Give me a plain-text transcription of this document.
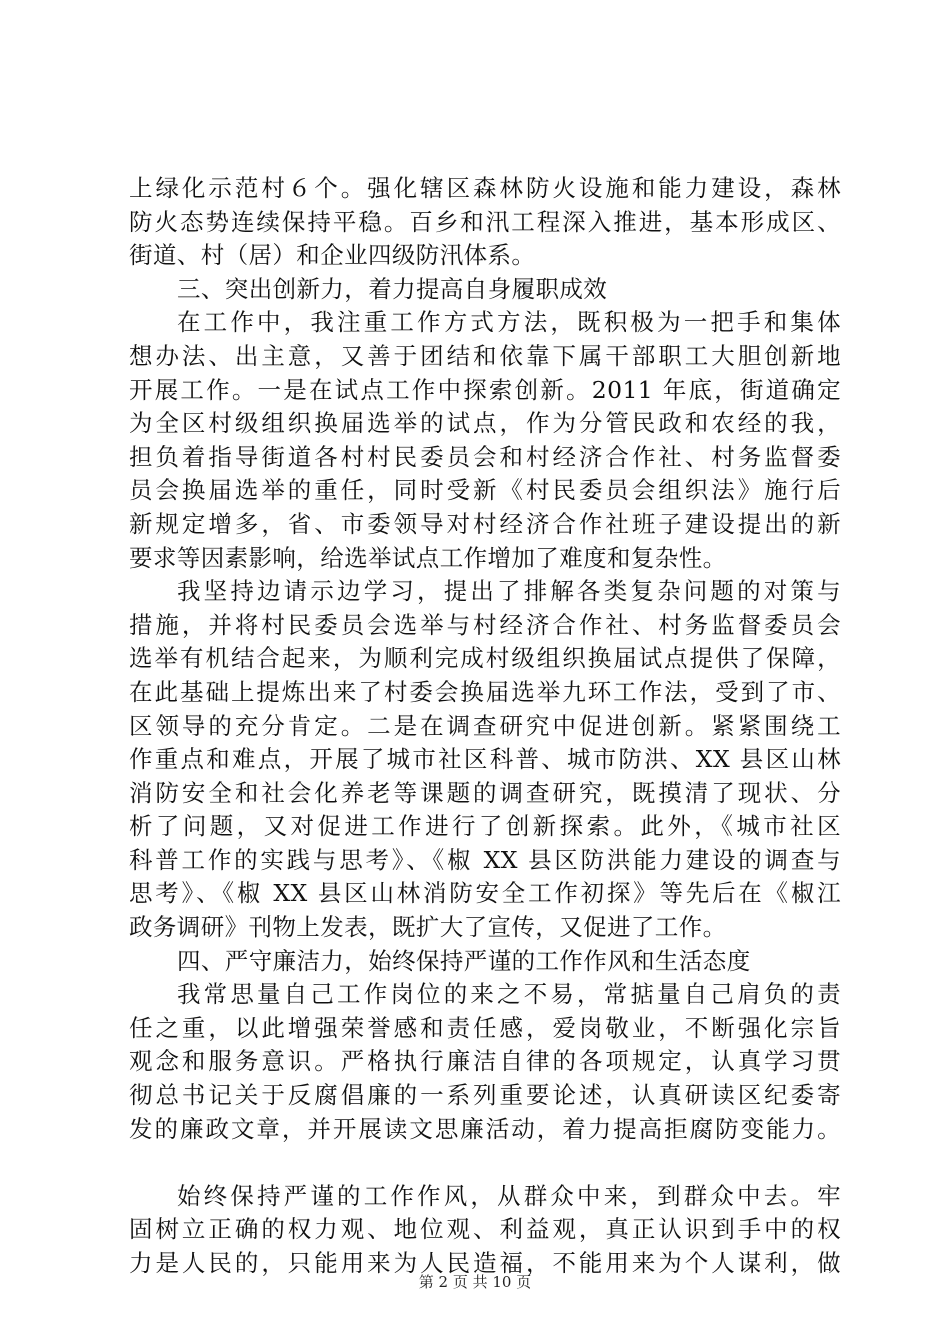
上绿化示范村６个。强化辖区森林防火设施和能力建设，森林
防火态势连续保持平稳。百乡和汛工程深入推进，基本形成区、
街道、村（居）和企业四级防汛体系。
三、突出创新力，着力提高自身履职成效
在工作中，我注重工作方式方法，既积极为一把手和集体
想办法、出主意，又善于团结和依靠下属干部职工大胆创新地
开展工作。一是在试点工作中探索创新。2011 年底，街道确定
为全区村级组织换届选举的试点，作为分管民政和农经的我，
担负着指导街道各村村民委员会和村经济合作社、村务监督委
员会换届选举的重任，同时受新《村民委员会组织法》施行后
新规定增多，省、市委领导对村经济合作社班子建设提出的新
要求等因素影响，给选举试点工作增加了难度和复杂性。
我坚持边请示边学习，提出了排解各类复杂问题的对策与
措施，并将村民委员会选举与村经济合作社、村务监督委员会
选举有机结合起来，为顺利完成村级组织换届试点提供了保障，
在此基础上提炼出来了村委会换届选举九环工作法，受到了市、
区领导的充分肯定。二是在调查研究中促进创新。紧紧围绕工
作重点和难点，开展了城市社区科普、城市防洪、XX 县区山林
消防安全和社会化养老等课题的调查研究，既摸清了现状、分
析了问题，又对促进工作进行了创新探索。此外，《城市社区
科普工作的实践与思考》、《椒 XX 县区防洪能力建设的调查与
思考》、《椒 XX 县区山林消防安全工作初探》等先后在《椒江
政务调研》刊物上发表，既扩大了宣传，又促进了工作。
四、严守廉洁力，始终保持严谨的工作作风和生活态度
我常思量自己工作岗位的来之不易，常掂量自己肩负的责
任之重，以此增强荣誉感和责任感，爱岗敬业，不断强化宗旨
观念和服务意识。严格执行廉洁自律的各项规定，认真学习贯
彻总书记关于反腐倡廉的一系列重要论述，认真研读区纪委寄
发的廉政文章，并开展读文思廉活动，着力提高拒腐防变能力。
始终保持严谨的工作作风，从群众中来，到群众中去。牢
固树立正确的权力观、地位观、利益观，真正认识到手中的权
力是人民的，只能用来为人民造福，不能用来为个人谋利，做
第 2 页 共 10 页
